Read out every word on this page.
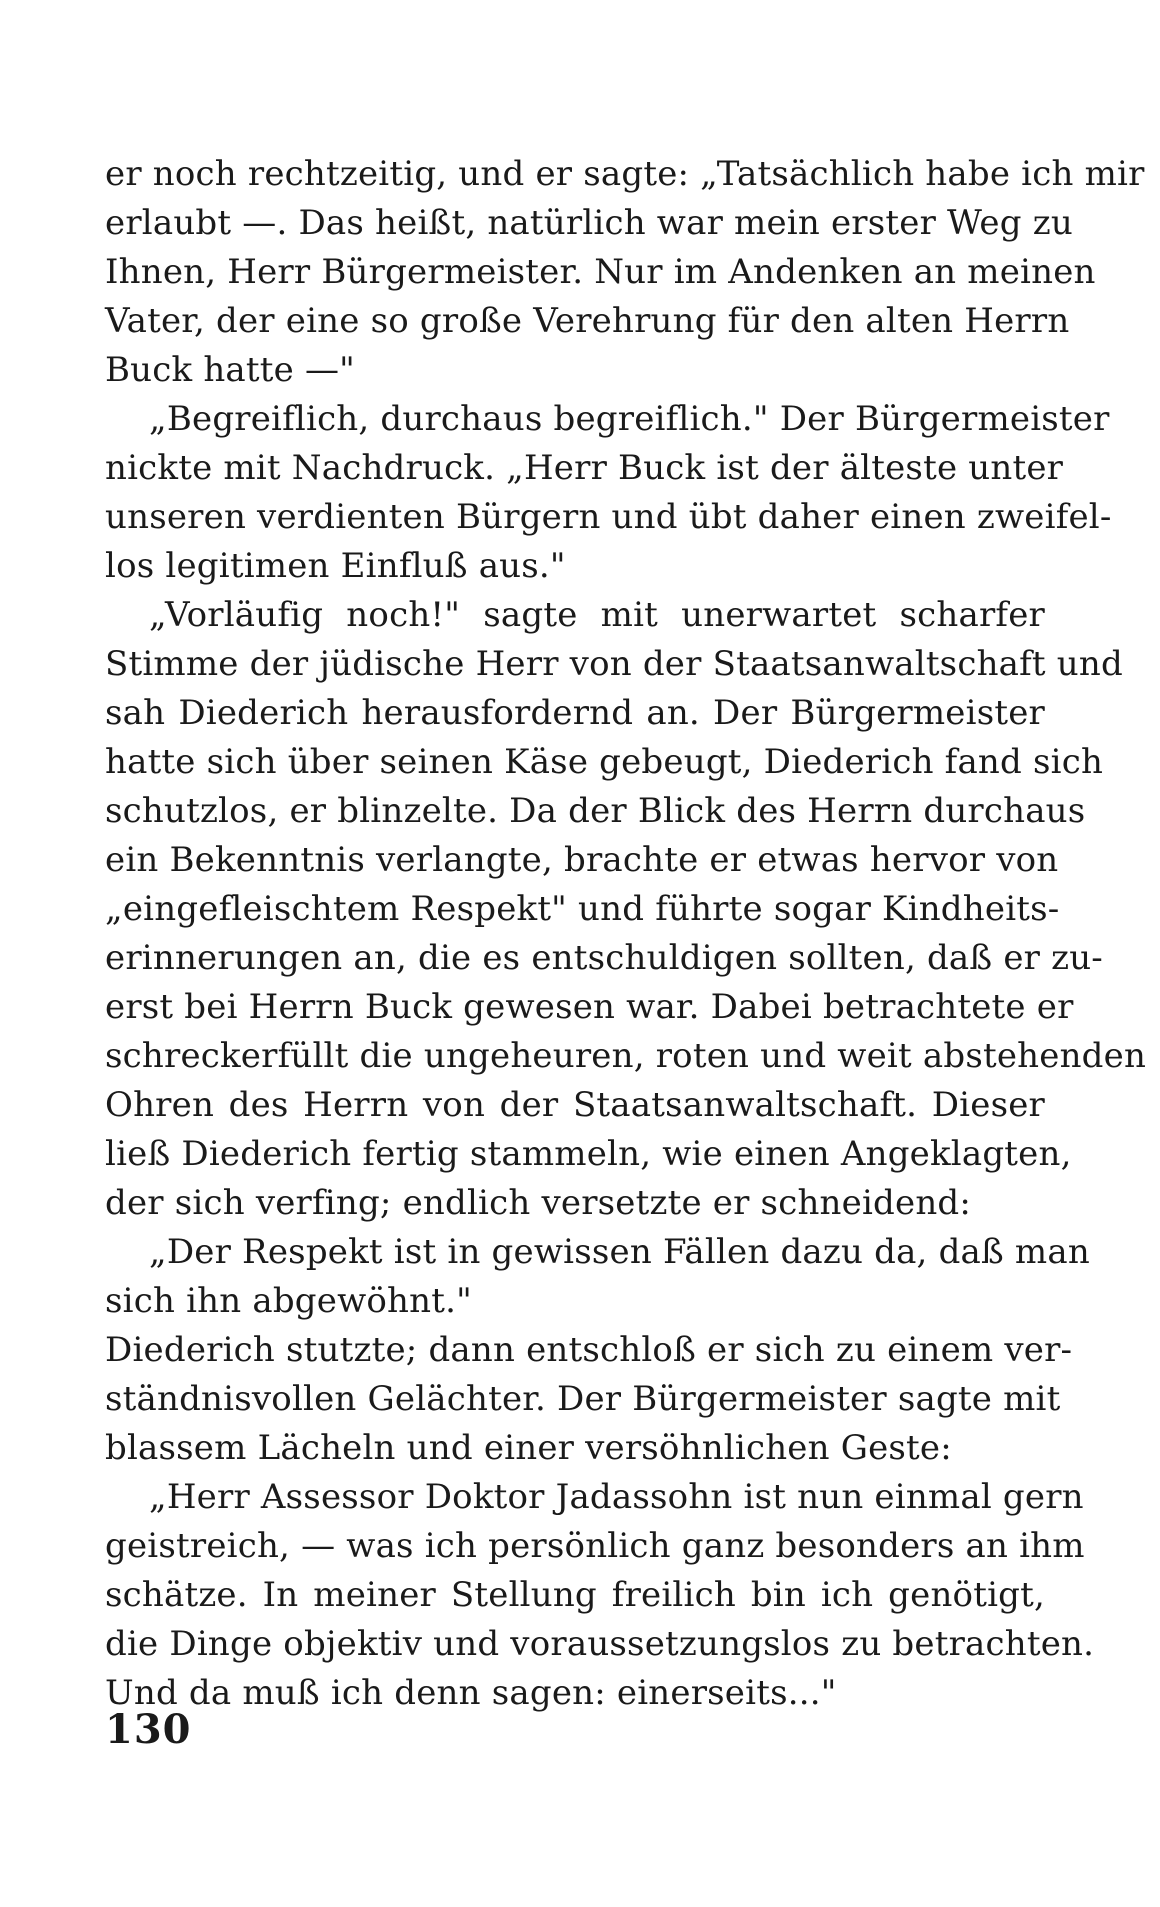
er noch rechtzeitig, und er sagte: „Tatsächlich habe ich mir
erlaubt —. Das heißt, natürlich war mein erster Weg zu
Ihnen, Herr Bürgermeister. Nur im Andenken an meinen
Vater, der eine so große Verehrung für den alten Herrn
Buck hatte —"
„Begreiflich, durchaus begreiflich." Der Bürgermeister
nickte mit Nachdruck. „Herr Buck ist der älteste unter
unseren verdienten Bürgern und übt daher einen zweifel-
los legitimen Einfluß aus."
„Vorläufig noch!" sagte mit unerwartet scharfer
Stimme der jüdische Herr von der Staatsanwaltschaft und
sah Diederich herausfordernd an. Der Bürgermeister
hatte sich über seinen Käse gebeugt, Diederich fand sich
schutzlos, er blinzelte. Da der Blick des Herrn durchaus
ein Bekenntnis verlangte, brachte er etwas hervor von
„eingefleischtem Respekt" und führte sogar Kindheits-
erinnerungen an, die es entschuldigen sollten, daß er zu-
erst bei Herrn Buck gewesen war. Dabei betrachtete er
schreckerfüllt die ungeheuren, roten und weit abstehenden
Ohren des Herrn von der Staatsanwaltschaft. Dieser
ließ Diederich fertig stammeln, wie einen Angeklagten,
der sich verfing; endlich versetzte er schneidend:
„Der Respekt ist in gewissen Fällen dazu da, daß man
sich ihn abgewöhnt."
Diederich stutzte; dann entschloß er sich zu einem ver-
ständnisvollen Gelächter. Der Bürgermeister sagte mit
blassem Lächeln und einer versöhnlichen Geste:
„Herr Assessor Doktor Jadassohn ist nun einmal gern
geistreich, — was ich persönlich ganz besonders an ihm
schätze. In meiner Stellung freilich bin ich genötigt,
die Dinge objektiv und voraussetzungslos zu betrachten.
Und da muß ich denn sagen: einerseits..."
130
